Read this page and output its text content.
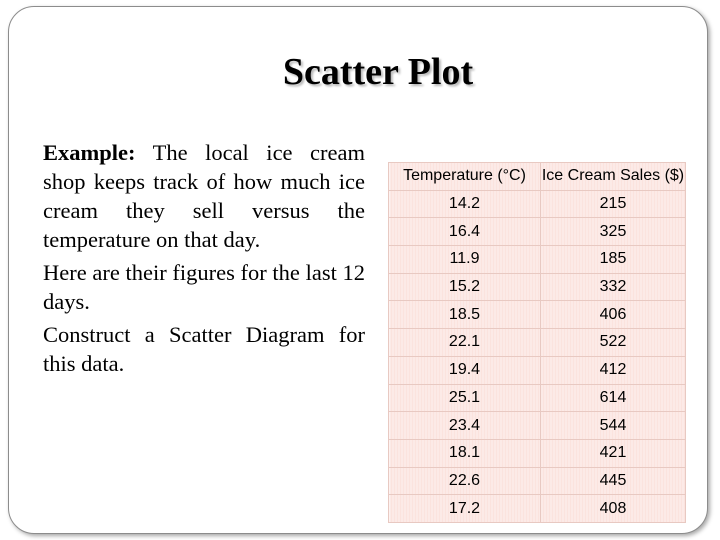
Scatter Plot

Example: The local ice cream shop keeps track of how much ice cream they sell versus the temperature on that day.

Here are their figures for the last 12 days.

Construct a Scatter Diagram for this data.

Temperature (°C)	Ice Cream Sales ($)
14.2	215
16.4	325
11.9	185
15.2	332
18.5	406
22.1	522
19.4	412
25.1	614
23.4	544
18.1	421
22.6	445
17.2	408
